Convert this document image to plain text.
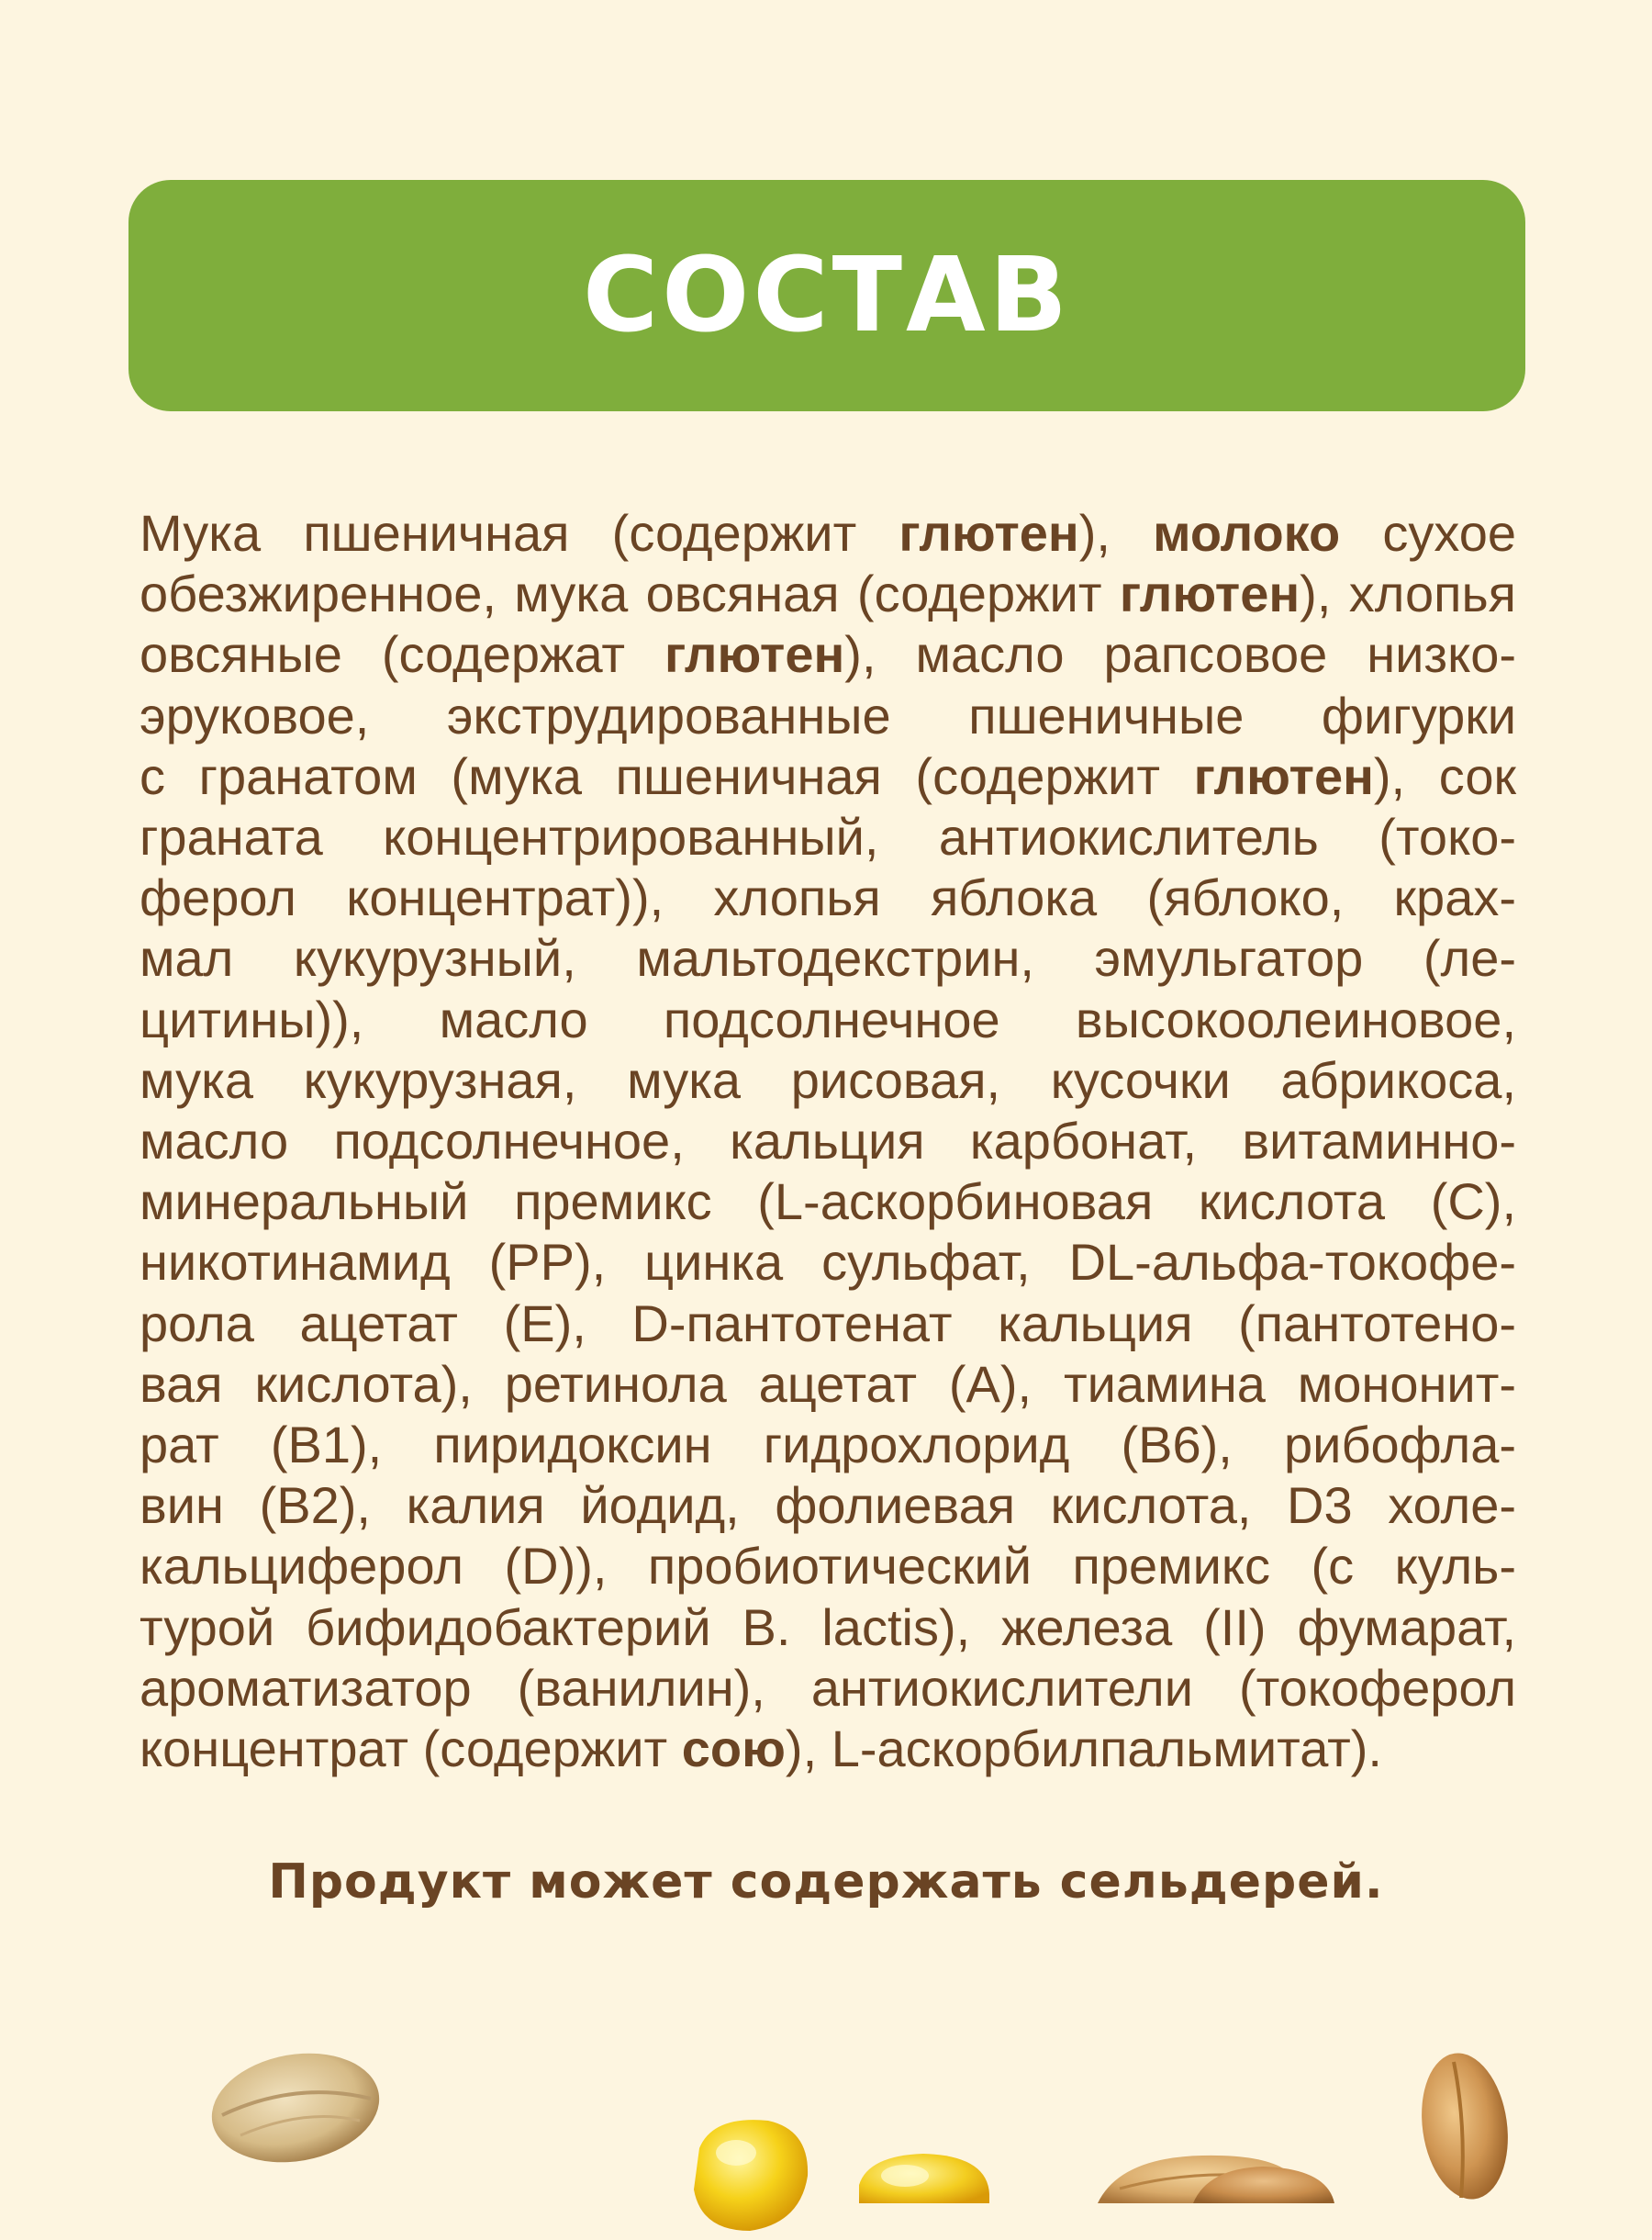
СОСТАВ
Мука пшеничная (содержит глютен), молоко сухое
обезжиренное, мука овсяная (содержит глютен), хлопья
овсяные (содержат глютен), масло рапсовое низко-
эруковое, экструдированные пшеничные фигурки
с гранатом (мука пшеничная (содержит глютен), сок
граната концентрированный, антиокислитель (токо-
ферол концентрат)), хлопья яблока (яблоко, крах-
мал кукурузный, мальтодекстрин, эмульгатор (ле-
цитины)), масло подсолнечное высокоолеиновое,
мука кукурузная, мука рисовая, кусочки абрикоса,
масло подсолнечное, кальция карбонат, витаминно-
минеральный премикс (L-аскорбиновая кислота (С),
никотинамид (РР), цинка сульфат, DL-альфа-токофе-
рола ацетат (Е), D-пантотенат кальция (пантотено-
вая кислота), ретинола ацетат (А), тиамина мононит-
рат (В1), пиридоксин гидрохлорид (В6), рибофла-
вин (В2), калия йодид, фолиевая кислота, D3 холе-
кальциферол (D)), пробиотический премикс (с куль-
турой бифидобактерий B. lactis), железа (II) фумарат,
ароматизатор (ванилин), антиокислители (токоферол
концентрат (содержит сою), L-аскорбилпальмитат).
Продукт может содержать сельдерей.
